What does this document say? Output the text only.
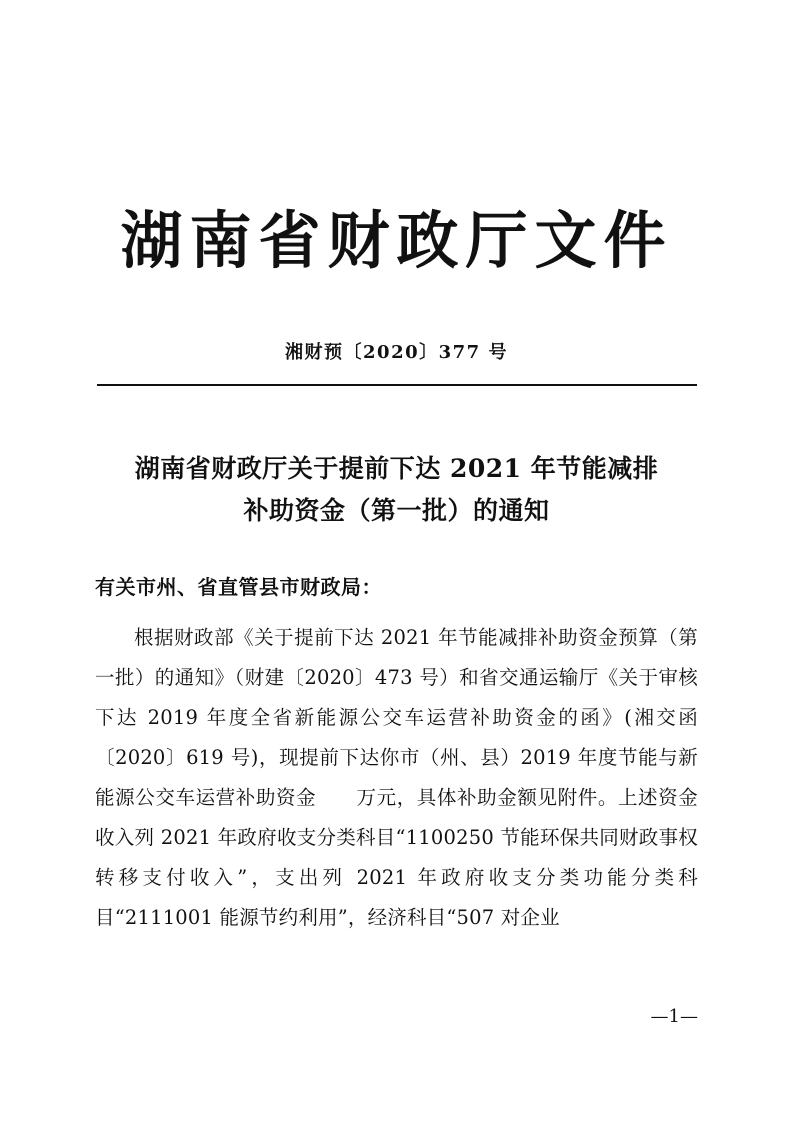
湖南省财政厅文件
湘财预〔2020〕377 号
湖南省财政厅关于提前下达 2021 年节能减排
补助资金（第一批）的通知
有关市州、省直管县市财政局：

根据财政部《关于提前下达 2021 年节能减排补助资金预算（第一批）的通知》（财建〔2020〕473 号）和省交通运输厅《关于审核下达 2019 年度全省新能源公交车运营补助资金的函》(湘交函〔2020〕619 号)，现提前下达你市（州、县）2019 年度节能与新能源公交车运营补助资金　　万元，具体补助金额见附件。上述资金收入列 2021 年政府收支分类科目“1100250 节能环保共同财政事权转移支付收入”，支出列 2021 年政府收支分类功能分类科目“2111001 能源节约利用”，经济科目“507 对企业

—1—
